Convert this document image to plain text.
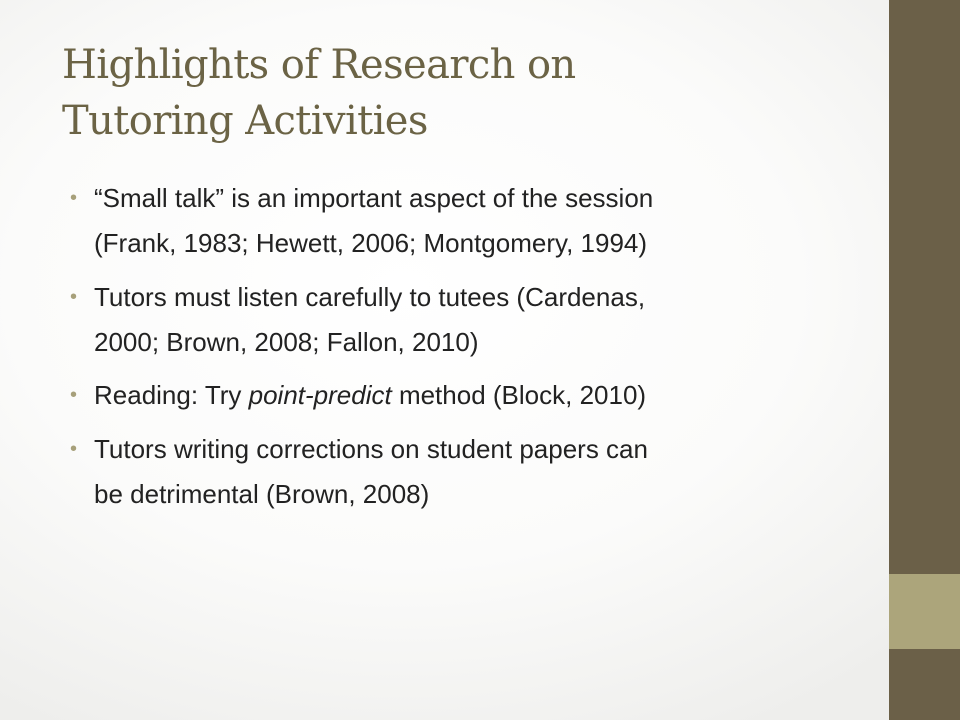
Highlights of Research on
Tutoring Activities
• “Small talk” is an important aspect of the session
(Frank, 1983; Hewett, 2006; Montgomery, 1994)
• Tutors must listen carefully to tutees (Cardenas,
2000; Brown, 2008; Fallon, 2010)
• Reading: Try point-predict method (Block, 2010)
• Tutors writing corrections on student papers can
be detrimental (Brown, 2008)
